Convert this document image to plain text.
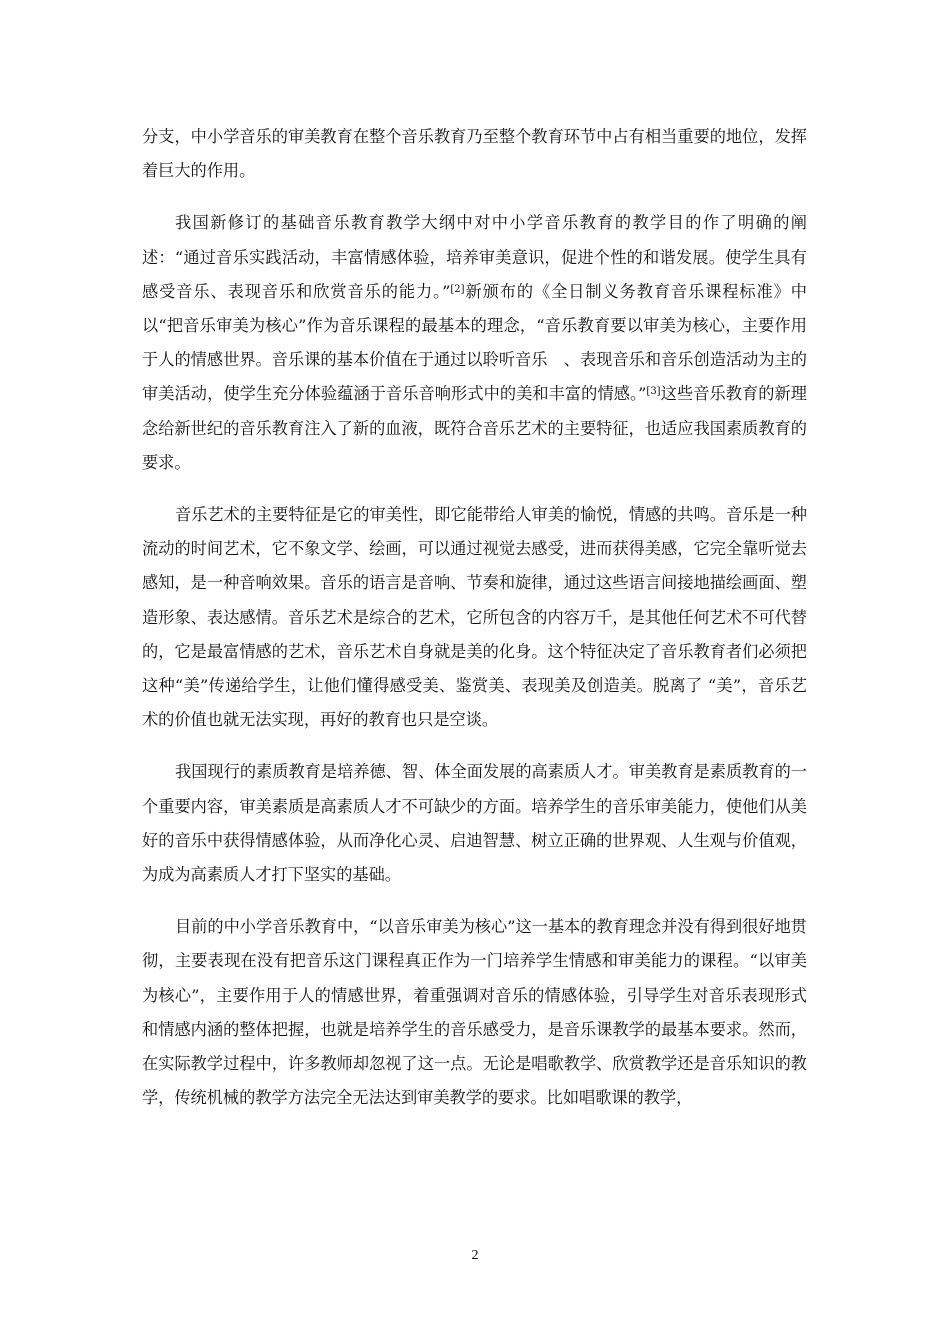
分支，中小学音乐的审美教育在整个音乐教育乃至整个教育环节中占有相当重要的地位，发挥着巨大的作用。

我国新修订的基础音乐教育教学大纲中对中小学音乐教育的教学目的作了明确的阐述：“通过音乐实践活动，丰富情感体验，培养审美意识，促进个性的和谐发展。使学生具有感受音乐、表现音乐和欣赏音乐的能力。”[2]新颁布的《全日制义务教育音乐课程标准》中以“把音乐审美为核心”作为音乐课程的最基本的理念，“音乐教育要以审美为核心，主要作用于人的情感世界。音乐课的基本价值在于通过以聆听音乐　、表现音乐和音乐创造活动为主的审美活动，使学生充分体验蕴涵于音乐音响形式中的美和丰富的情感。”[3]这些音乐教育的新理念给新世纪的音乐教育注入了新的血液，既符合音乐艺术的主要特征，也适应我国素质教育的要求。

音乐艺术的主要特征是它的审美性，即它能带给人审美的愉悦，情感的共鸣。音乐是一种流动的时间艺术，它不象文学、绘画，可以通过视觉去感受，进而获得美感，它完全靠听觉去感知，是一种音响效果。音乐的语言是音响、节奏和旋律，通过这些语言间接地描绘画面、塑造形象、表达感情。音乐艺术是综合的艺术，它所包含的内容万千，是其他任何艺术不可代替的，它是最富情感的艺术，音乐艺术自身就是美的化身。这个特征决定了音乐教育者们必须把这种“美”传递给学生，让他们懂得感受美、鉴赏美、表现美及创造美。脱离了 “美”，音乐艺术的价值也就无法实现，再好的教育也只是空谈。

我国现行的素质教育是培养德、智、体全面发展的高素质人才。审美教育是素质教育的一个重要内容，审美素质是高素质人才不可缺少的方面。培养学生的音乐审美能力，使他们从美好的音乐中获得情感体验，从而净化心灵、启迪智慧、树立正确的世界观、人生观与价值观，为成为高素质人才打下坚实的基础。

目前的中小学音乐教育中，“以音乐审美为核心”这一基本的教育理念并没有得到很好地贯彻，主要表现在没有把音乐这门课程真正作为一门培养学生情感和审美能力的课程。“以审美为核心”，主要作用于人的情感世界，着重强调对音乐的情感体验，引导学生对音乐表现形式和情感内涵的整体把握，也就是培养学生的音乐感受力，是音乐课教学的最基本要求。然而，在实际教学过程中，许多教师却忽视了这一点。无论是唱歌教学、欣赏教学还是音乐知识的教学，传统机械的教学方法完全无法达到审美教学的要求。比如唱歌课的教学，

2
